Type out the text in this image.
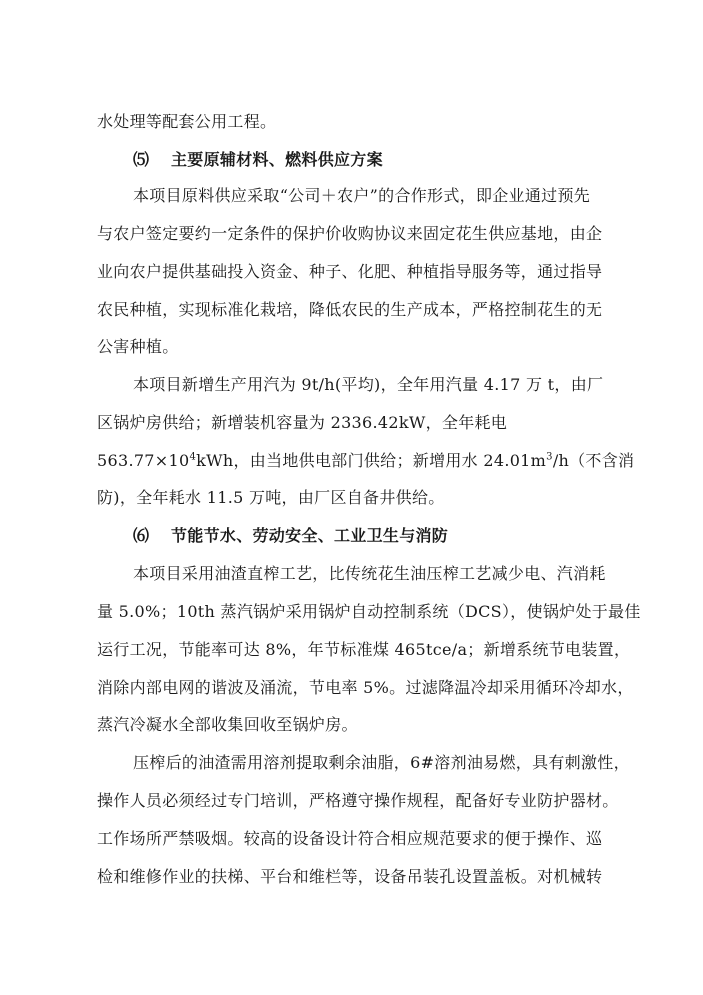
水处理等配套公用工程。
⑸ 主要原辅材料、燃料供应方案
本项目原料供应采取“公司＋农户”的合作形式，即企业通过预先
与农户签定要约一定条件的保护价收购协议来固定花生供应基地，由企
业向农户提供基础投入资金、种子、化肥、种植指导服务等，通过指导
农民种植，实现标准化栽培，降低农民的生产成本，严格控制花生的无
公害种植。
本项目新增生产用汽为 9t/h(平均)，全年用汽量 4.17 万 t，由厂
区锅炉房供给；新增装机容量为 2336.42kW，全年耗电
$563.77\times 10^4kWh$，由当地供电部门供给；新增用水 $24.01m^3/h$（不含消
防)，全年耗水 11.5 万吨，由厂区自备井供给。
⑹ 节能节水、劳动安全、工业卫生与消防
本项目采用油渣直榨工艺，比传统花生油压榨工艺减少电、汽消耗
量 5.0%；10th 蒸汽锅炉采用锅炉自动控制系统（DCS），使锅炉处于最佳
运行工况，节能率可达 8%，年节标准煤 465tce/a；新增系统节电装置，
消除内部电网的谐波及涌流，节电率 5%。过滤降温冷却采用循环冷却水，
蒸汽冷凝水全部收集回收至锅炉房。
压榨后的油渣需用溶剂提取剩余油脂，6#溶剂油易燃，具有刺激性，
操作人员必须经过专门培训，严格遵守操作规程，配备好专业防护器材。
工作场所严禁吸烟。较高的设备设计符合相应规范要求的便于操作、巡
检和维修作业的扶梯、平台和维栏等，设备吊装孔设置盖板。对机械转
